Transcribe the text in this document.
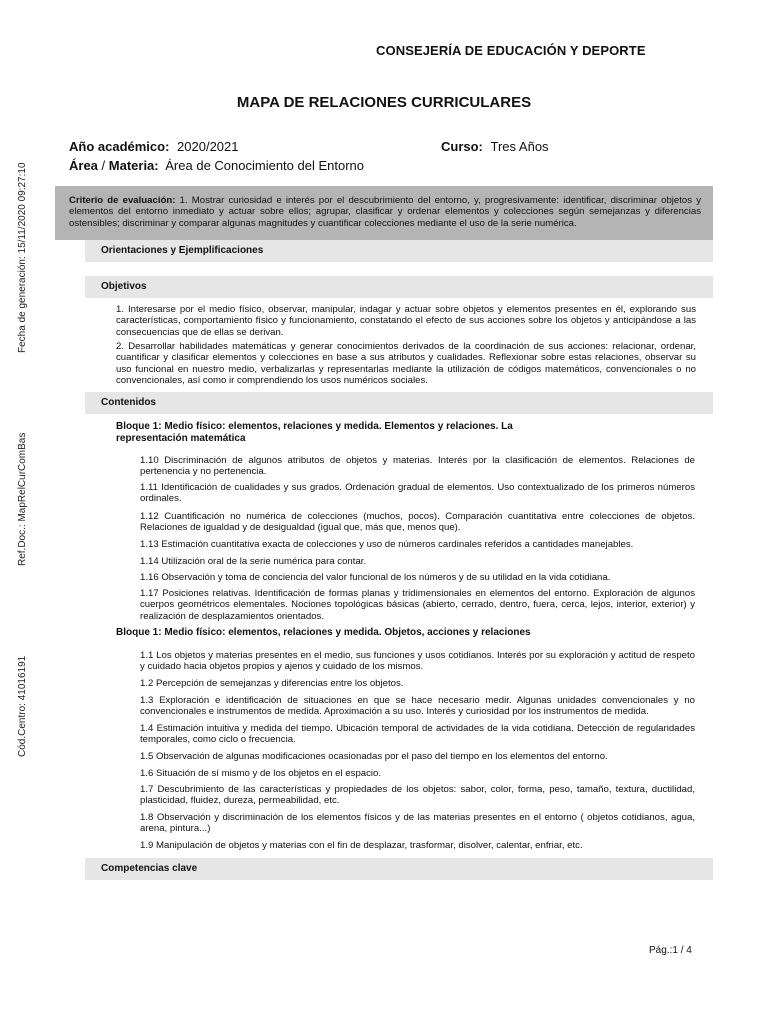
CONSEJERÍA DE EDUCACIÓN Y DEPORTE
MAPA DE RELACIONES CURRICULARES
Año académico: 2020/2021	Curso: Tres Años
Área / Materia: Área de Conocimiento del Entorno
Fecha de generación: 15/11/2020 09:27:10
Ref.Doc.: MapRelCurComBas
Cód.Centro: 41016191
Criterio de evaluación: 1. Mostrar curiosidad e interés por el descubrimiento del entorno, y, progresivamente: identificar, discriminar objetos y elementos del entorno inmediato y actuar sobre ellos; agrupar, clasificar y ordenar elementos y colecciones según semejanzas y diferencias ostensibles; discriminar y comparar algunas magnitudes y cuantificar colecciones mediante el uso de la serie numérica.
Orientaciones y Ejemplificaciones
Objetivos
1. Interesarse por el medio físico, observar, manipular, indagar y actuar sobre objetos y elementos presentes en él, explorando sus características, comportamiento físico y funcionamiento, constatando el efecto de sus acciones sobre los objetos y anticipándose a las consecuencias que de ellas se derivan.
2. Desarrollar habilidades matemáticas y generar conocimientos derivados de la coordinación de sus acciones: relacionar, ordenar, cuantificar y clasificar elementos y colecciones en base a sus atributos y cualidades. Reflexionar sobre estas relaciones, observar su uso funcional en nuestro medio, verbalizarlas y representarlas mediante la utilización de códigos matemáticos, convencionales o no convencionales, así como ir comprendiendo los usos numéricos sociales.
Contenidos
Bloque 1: Medio físico: elementos, relaciones y medida. Elementos y relaciones. La representación matemática
1.10 Discriminación de algunos atributos de objetos y materias. Interés por la clasificación de elementos. Relaciones de pertenencia y no pertenencia.
1.11 Identificación de cualidades y sus grados. Ordenación gradual de elementos. Uso contextualizado de los primeros números ordinales.
1.12 Cuantificación no numérica de colecciones (muchos, pocos). Comparación cuantitativa entre colecciones de objetos. Relaciones de igualdad y de desigualdad (igual que, más que, menos que).
1.13 Estimación cuantitativa exacta de colecciones y uso de números cardinales referidos a cantidades manejables.
1.14 Utilización oral de la serie numérica para contar.
1.16 Observación y toma de conciencia del valor funcional de los números y de su utilidad en la vida cotidiana.
1.17 Posiciones relativas. Identificación de formas planas y tridimensionales en elementos del entorno. Exploración de algunos cuerpos geométricos elementales. Nociones topológicas básicas (abierto, cerrado, dentro, fuera, cerca, lejos, interior, exterior) y realización de desplazamientos orientados.
Bloque 1: Medio físico: elementos, relaciones y medida. Objetos, acciones y relaciones
1.1 Los objetos y materias presentes en el medio, sus funciones y usos cotidianos. Interés por su exploración y actitud de respeto y cuidado hacia objetos propios y ajenos y cuidado de los mismos.
1.2 Percepción de semejanzas y diferencias entre los objetos.
1.3 Exploración e identificación de situaciones en que se hace necesario medir. Algunas unidades convencionales y no convencionales e instrumentos de medida. Aproximación a su uso. Interés y curiosidad por los instrumentos de medida.
1.4 Estimación intuitiva y medida del tiempo. Ubicación temporal de actividades de la vida cotidiana. Detección de regularidades temporales, como ciclo o frecuencia.
1.5 Observación de algunas modificaciones ocasionadas por el paso del tiempo en los elementos del entorno.
1.6 Situación de sí mismo y de los objetos en el espacio.
1.7 Descubrimiento de las características y propiedades de los objetos: sabor, color, forma, peso, tamaño, textura, ductilidad, plasticidad, fluidez, dureza, permeabilidad, etc.
1.8 Observación y discriminación de los elementos físicos y de las materias presentes en el entorno ( objetos cotidianos, agua, arena, pintura...)
1.9 Manipulación de objetos y materias con el fin de desplazar, trasformar, disolver, calentar, enfriar, etc.
Competencias clave
Pág.:1 / 4
